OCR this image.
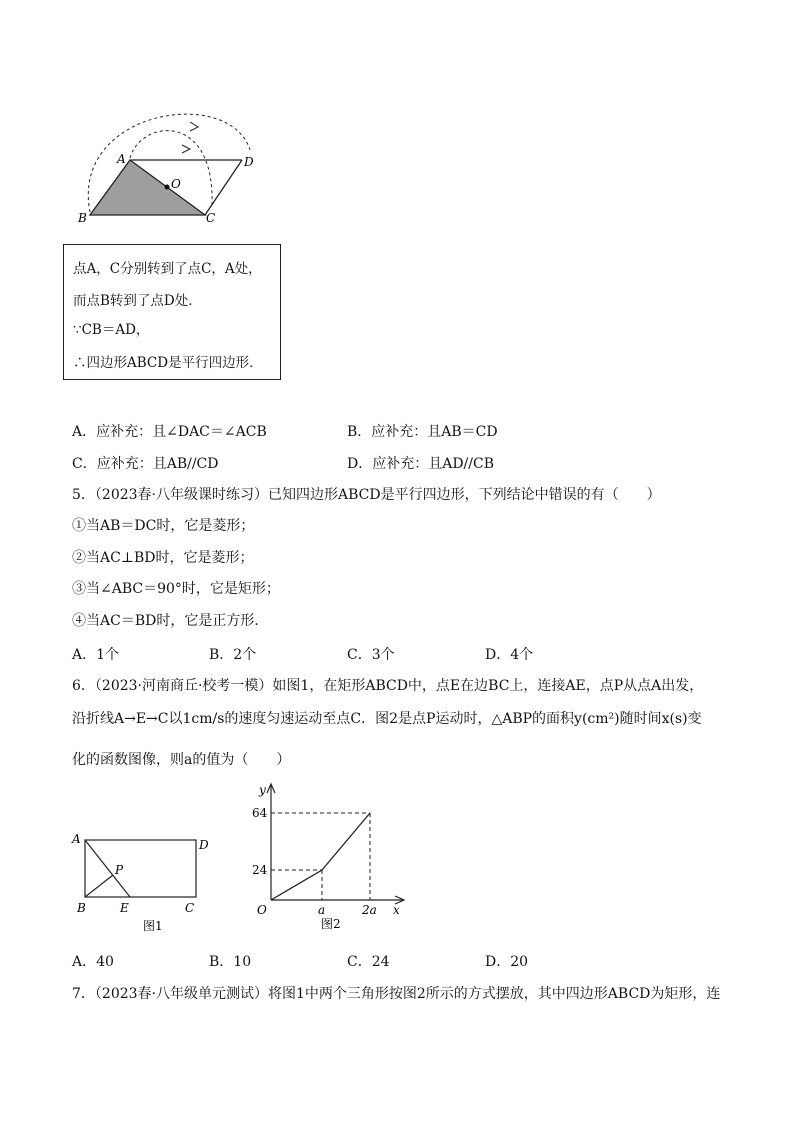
A
B	C
D
O
点A，C分别转到了点C，A处，
而点B转到了点D处．
∵CB＝AD，
∴四边形ABCD是平行四边形．
A．应补充：且∠DAC＝∠ACB	B．应补充：且AB＝CD
C．应补充：且AB//CD	D．应补充：且AD//CB
5．（2023春·八年级课时练习）已知四边形ABCD是平行四边形，下列结论中错误的有（　　）
①当AB＝DC时，它是菱形；
②当AC⊥BD时，它是菱形；
③当∠ABC＝90°时，它是矩形；
④当AC＝BD时，它是正方形．
A．1个	B．2个	C．3个	D．4个
6．（2023·河南商丘·校考一模）如图1，在矩形ABCD中，点E在边BC上，连接AE，点P从点A出发，
沿折线A→E→C以1cm/s的速度匀速运动至点C．图2是点P运动时，△ABP的面积y(cm²)随时间x(s)变
化的函数图像，则a的值为（　　）
A
B	C
D
E
P
图1
y
x
O
64
24
a	2a
图2
A．40	B．10	C．24	D．20
7．（2023春·八年级单元测试）将图1中两个三角形按图2所示的方式摆放，其中四边形ABCD为矩形，连
